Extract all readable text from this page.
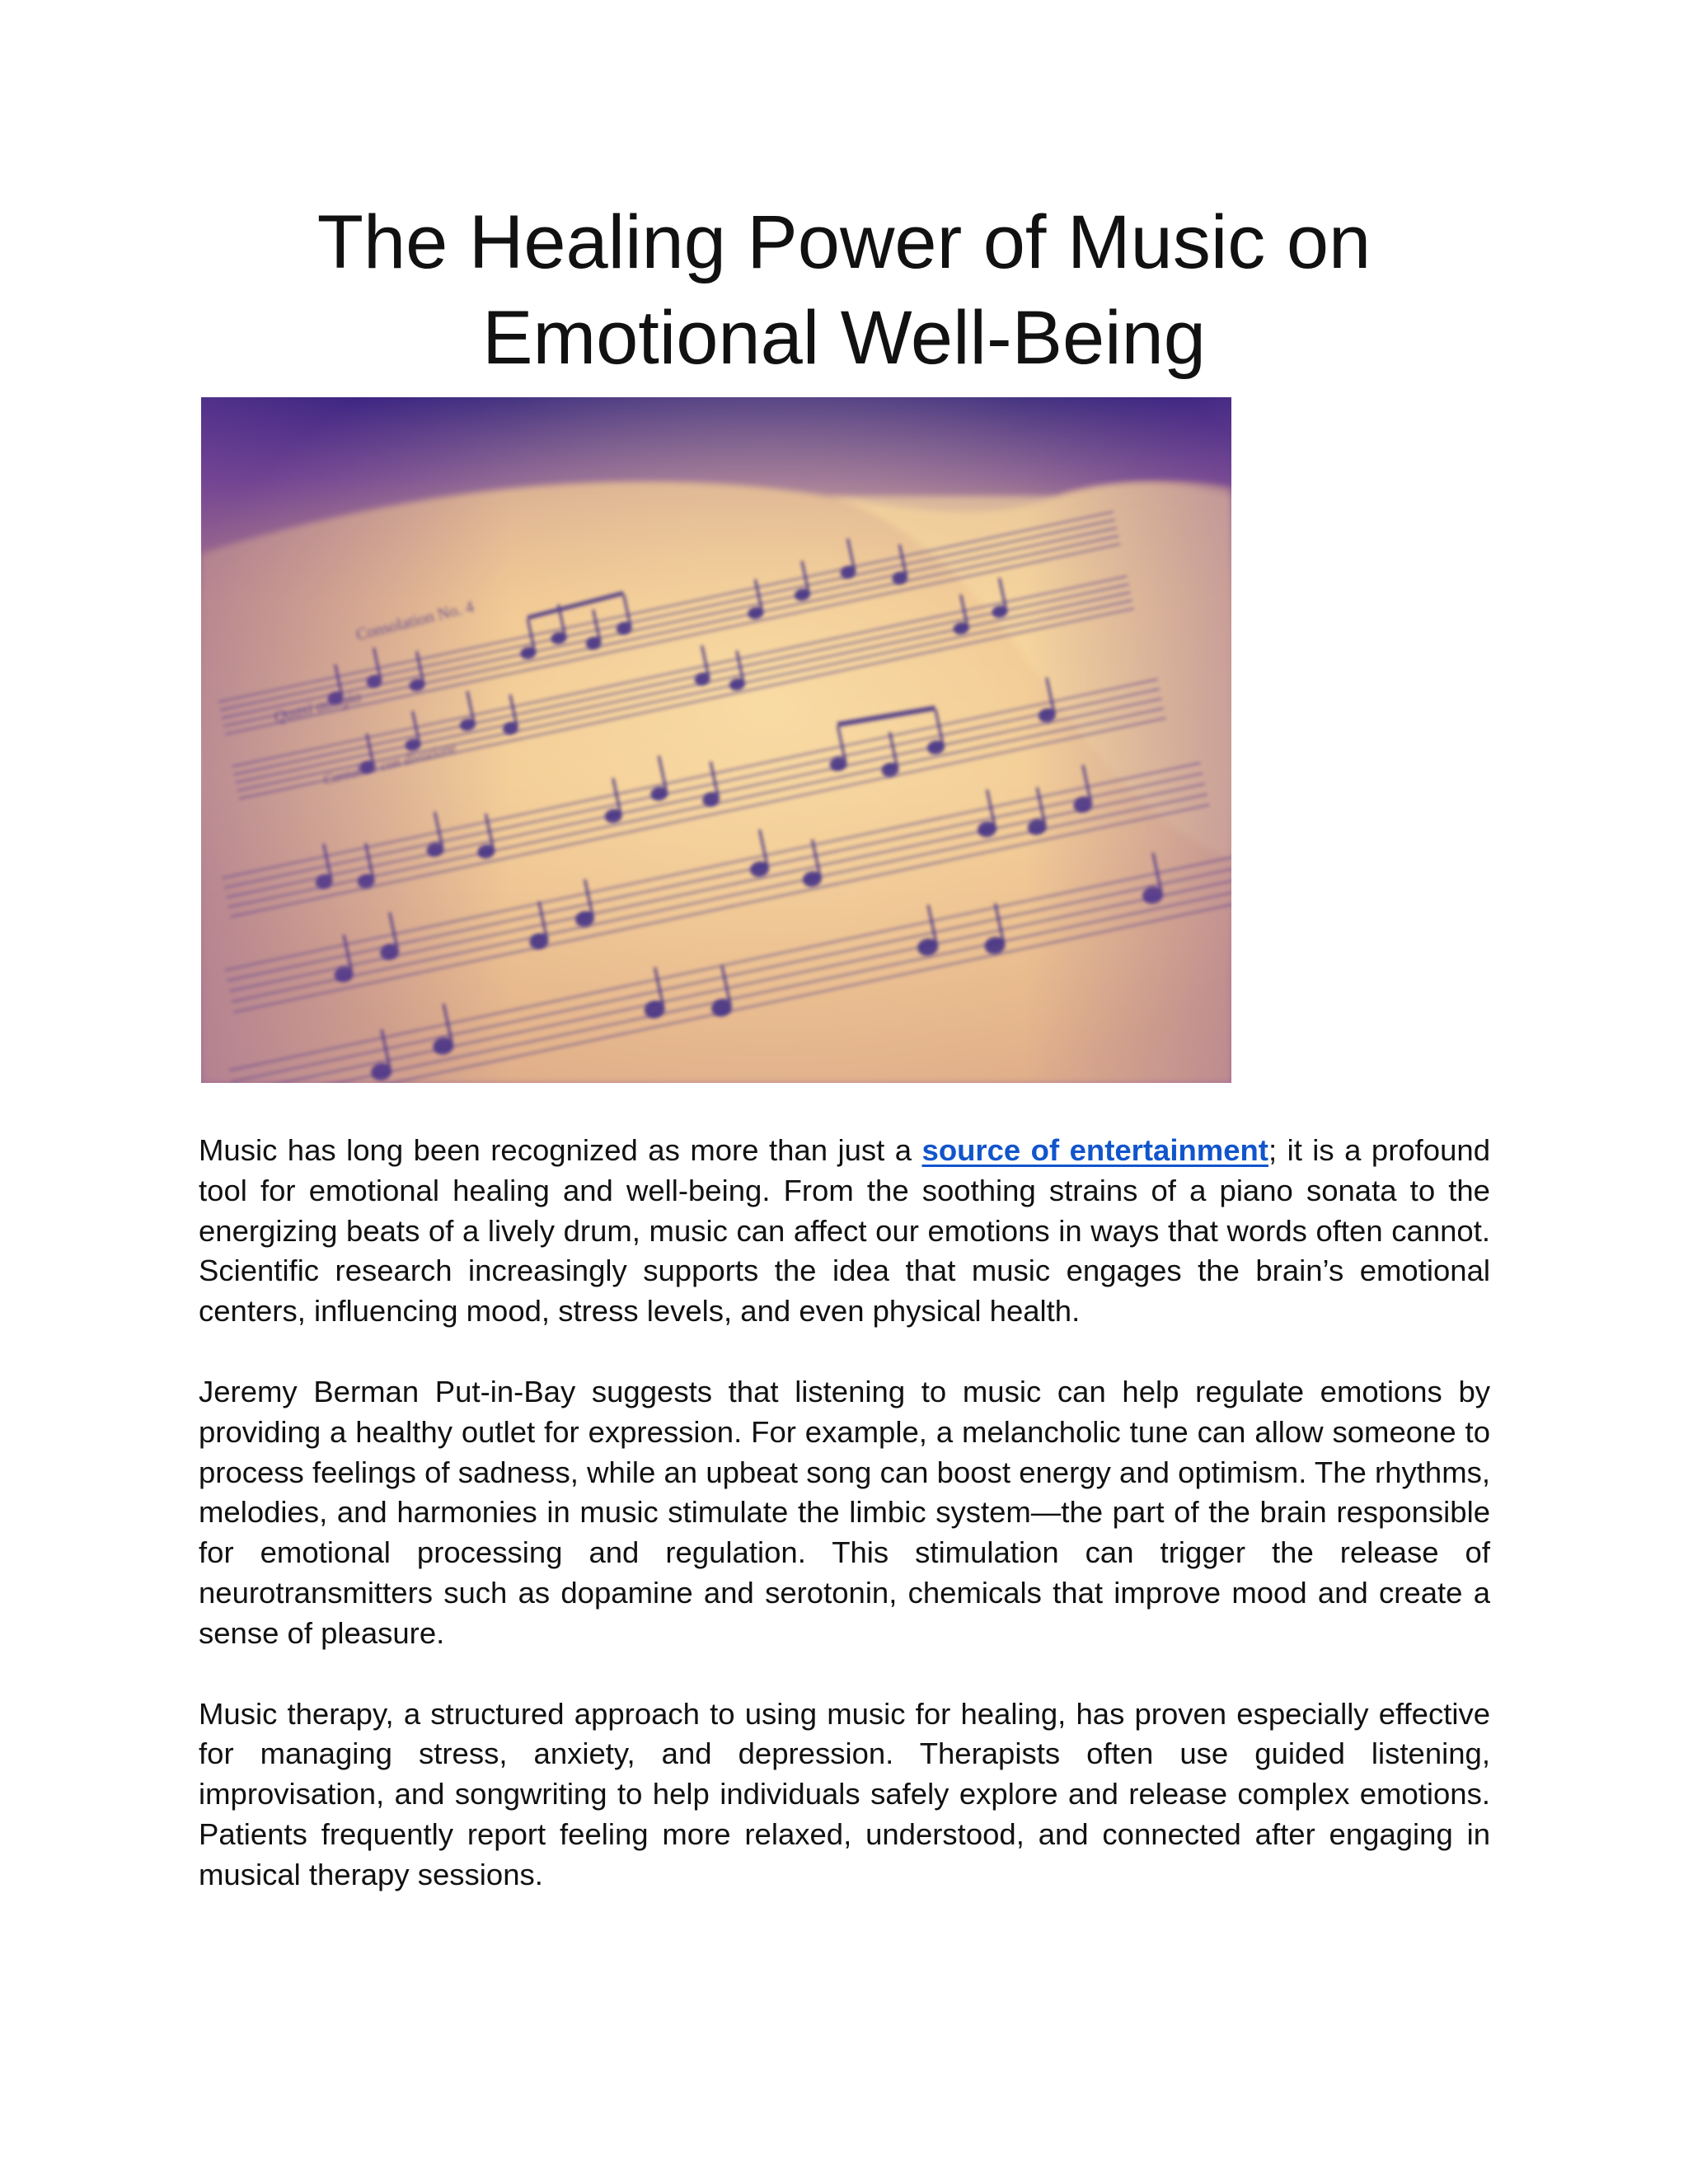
The Healing Power of Music on Emotional Well-Being

Music has long been recognized as more than just a source of entertainment; it is a profound tool for emotional healing and well-being. From the soothing strains of a piano sonata to the energizing beats of a lively drum, music can affect our emotions in ways that words often cannot. Scientific research increasingly supports the idea that music engages the brain’s emotional centers, influencing mood, stress levels, and even physical health.

Jeremy Berman Put-in-Bay suggests that listening to music can help regulate emotions by providing a healthy outlet for expression. For example, a melancholic tune can allow someone to process feelings of sadness, while an upbeat song can boost energy and optimism. The rhythms, melodies, and harmonies in music stimulate the limbic system—the part of the brain responsible for emotional processing and regulation. This stimulation can trigger the release of neurotransmitters such as dopamine and serotonin, chemicals that improve mood and create a sense of pleasure.

Music therapy, a structured approach to using music for healing, has proven especially effective for managing stress, anxiety, and depression. Therapists often use guided listening, improvisation, and songwriting to help individuals safely explore and release complex emotions. Patients frequently report feeling more relaxed, understood, and connected after engaging in musical therapy sessions.
